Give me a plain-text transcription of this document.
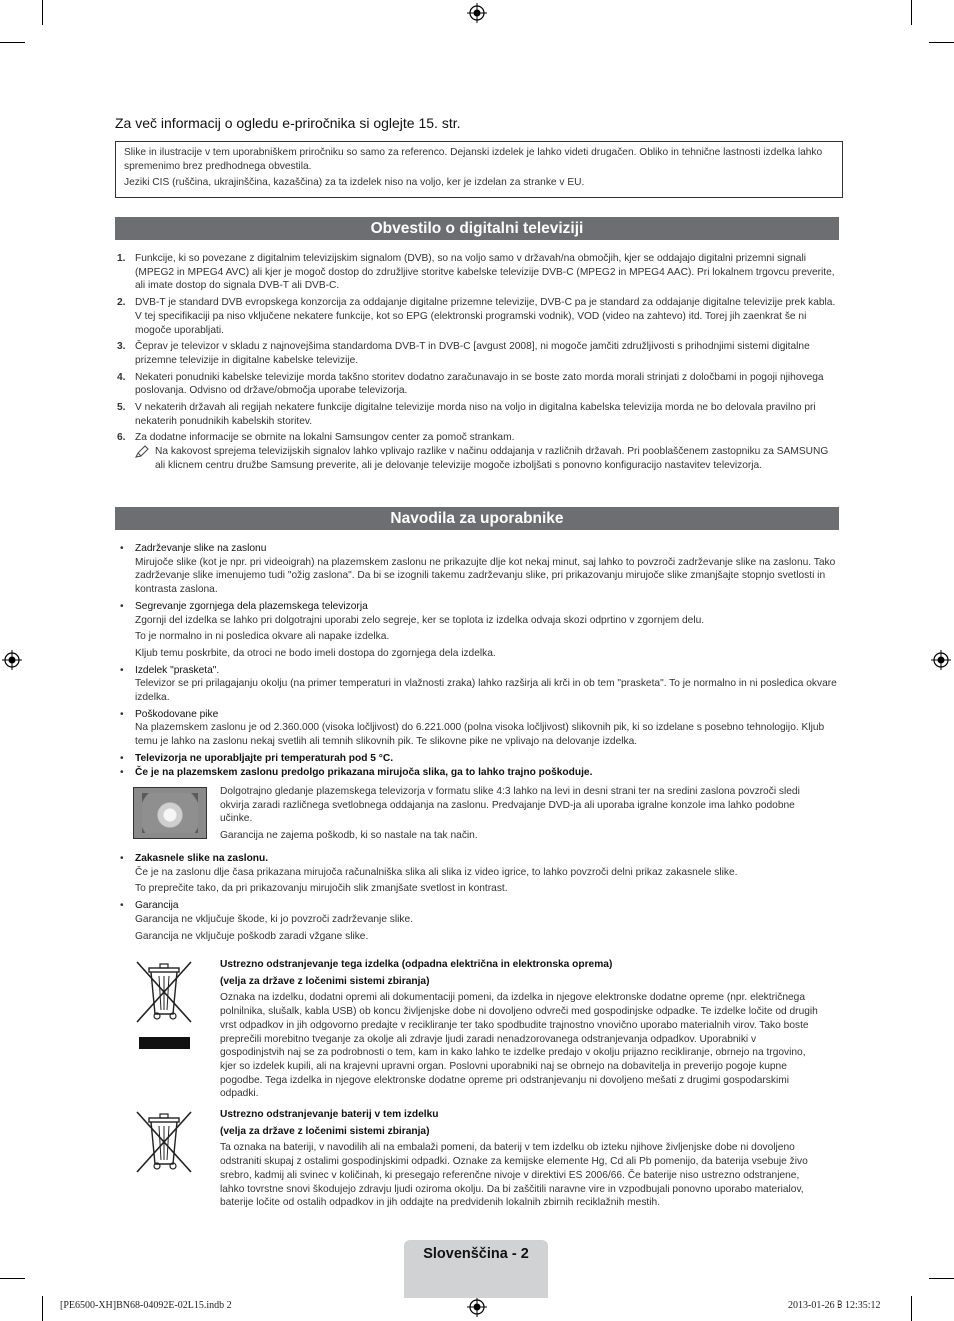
Za več informacij o ogledu e-priročnika si oglejte 15. str.

Slike in ilustracije v tem uporabniškem priročniku so samo za referenco. Dejanski izdelek je lahko videti drugačen. Obliko in tehnične lastnosti izdelka lahko spremenimo brez predhodnega obvestila.

Jeziki CIS (ruščina, ukrajinščina, kazaščina) za ta izdelek niso na voljo, ker je izdelan za stranke v EU.

Obvestilo o digitalni televiziji
1. Funkcije, ki so povezane z digitalnim televizijskim signalom (DVB), so na voljo samo v državah/na območjih, kjer se oddajajo digitalni prizemni signali (MPEG2 in MPEG4 AVC) ali kjer je mogoč dostop do združljive storitve kabelske televizije DVB-C (MPEG2 in MPEG4 AAC). Pri lokalnem trgovcu preverite, ali imate dostop do signala DVB-T ali DVB-C.
2. DVB-T je standard DVB evropskega konzorcija za oddajanje digitalne prizemne televizije, DVB-C pa je standard za oddajanje digitalne televizije prek kabla. V tej specifikaciji pa niso vključene nekatere funkcije, kot so EPG (elektronski programski vodnik), VOD (video na zahtevo) itd. Torej jih zaenkrat še ni mogoče uporabljati.
3. Čeprav je televizor v skladu z najnovejšima standardoma DVB-T in DVB-C [avgust 2008], ni mogoče jamčiti združljivosti s prihodnjimi sistemi digitalne prizemne televizije in digitalne kabelske televizije.
4. Nekateri ponudniki kabelske televizije morda takšno storitev dodatno zaračunavajo in se boste zato morda morali strinjati z določbami in pogoji njihovega poslovanja. Odvisno od države/območja uporabe televizorja.
5. V nekaterih državah ali regijah nekatere funkcije digitalne televizije morda niso na voljo in digitalna kabelska televizija morda ne bo delovala pravilno pri nekaterih ponudnikih kabelskih storitev.
6. Za dodatne informacije se obrnite na lokalni Samsungov center za pomoč strankam.
Na kakovost sprejema televizijskih signalov lahko vplivajo razlike v načinu oddajanja v različnih državah. Pri pooblaščenem zastopniku za SAMSUNG ali klicnem centru družbe Samsung preverite, ali je delovanje televizije mogoče izboljšati s ponovno konfiguracijo nastavitev televizorja.
Navodila za uporabnike
• Zadrževanje slike na zaslonu

Mirujoče slike (kot je npr. pri videoigrah) na plazemskem zaslonu ne prikazujte dlje kot nekaj minut, saj lahko to povzroči zadrževanje slike na zaslonu. Tako zadrževanje slike imenujemo tudi "ožig zaslona". Da bi se izognili takemu zadrževanju slike, pri prikazovanju mirujoče slike zmanjšajte stopnjo svetlosti in kontrasta zaslona.

• Segrevanje zgornjega dela plazemskega televizorja

Zgornji del izdelka se lahko pri dolgotrajni uporabi zelo segreje, ker se toplota iz izdelka odvaja skozi odprtino v zgornjem delu.

To je normalno in ni posledica okvare ali napake izdelka.

Kljub temu poskrbite, da otroci ne bodo imeli dostopa do zgornjega dela izdelka.

• Izdelek "prasketa".

Televizor se pri prilagajanju okolju (na primer temperaturi in vlažnosti zraka) lahko razširja ali krči in ob tem "prasketa". To je normalno in ni posledica okvare izdelka.

• Poškodovane pike

Na plazemskem zaslonu je od 2.360.000 (visoka ločljivost) do 6.221.000 (polna visoka ločljivost) slikovnih pik, ki so izdelane s posebno tehnologijo. Kljub temu je lahko na zaslonu nekaj svetlih ali temnih slikovnih pik. Te slikovne pike ne vplivajo na delovanje izdelka.

• Televizorja ne uporabljajte pri temperaturah pod 5 °C.
• Če je na plazemskem zaslonu predolgo prikazana mirujoča slika, ga to lahko trajno poškoduje.

Dolgotrajno gledanje plazemskega televizorja v formatu slike 4:3 lahko na levi in desni strani ter na sredini zaslona povzroči sledi okvirja zaradi različnega svetlobnega oddajanja na zaslonu. Predvajanje DVD-ja ali uporaba igralne konzole ima lahko podobne učinke.

Garancija ne zajema poškodb, ki so nastale na tak način.

• Zakasnele slike na zaslonu.

Če je na zaslonu dlje časa prikazana mirujoča računalniška slika ali slika iz video igrice, to lahko povzroči delni prikaz zakasnele slike.

To preprečite tako, da pri prikazovanju mirujočih slik zmanjšate svetlost in kontrast.

• Garancija

Garancija ne vključuje škode, ki jo povzroči zadrževanje slike.

Garancija ne vključuje poškodb zaradi vžgane slike.

Ustrezno odstranjevanje tega izdelka (odpadna električna in elektronska oprema)

(velja za države z ločenimi sistemi zbiranja)

Oznaka na izdelku, dodatni opremi ali dokumentaciji pomeni, da izdelka in njegove elektronske dodatne opreme (npr. električnega polnilnika, slušalk, kabla USB) ob koncu življenjske dobe ni dovoljeno odvreči med gospodinjske odpadke. Te izdelke ločite od drugih vrst odpadkov in jih odgovorno predajte v recikliranje ter tako spodbudite trajnostno vnovično uporabo materialnih virov. Tako boste preprečili morebitno tveganje za okolje ali zdravje ljudi zaradi nenadzorovanega odstranjevanja odpadkov. Uporabniki v gospodinjstvih naj se za podrobnosti o tem, kam in kako lahko te izdelke predajo v okolju prijazno recikliranje, obrnejo na trgovino, kjer so izdelek kupili, ali na krajevni upravni organ. Poslovni uporabniki naj se obrnejo na dobavitelja in preverijo pogoje kupne pogodbe. Tega izdelka in njegove elektronske dodatne opreme pri odstranjevanju ni dovoljeno mešati z drugimi gospodarskimi odpadki.

Ustrezno odstranjevanje baterij v tem izdelku

(velja za države z ločenimi sistemi zbiranja)

Ta oznaka na bateriji, v navodilih ali na embalaži pomeni, da baterij v tem izdelku ob izteku njihove življenjske dobe ni dovoljeno odstraniti skupaj z ostalimi gospodinjskimi odpadki. Oznake za kemijske elemente Hg, Cd ali Pb pomenijo, da baterija vsebuje živo srebro, kadmij ali svinec v količinah, ki presegajo referenčne nivoje v direktivi ES 2006/66. Če baterije niso ustrezno odstranjene, lahko tovrstne snovi škodujejo zdravju ljudi oziroma okolju. Da bi zaščitili naravne vire in vzpodbujali ponovno uporabo materialov, baterije ločite od ostalih odpadkov in jih oddajte na predvidenih lokalnih zbirnih reciklažnih mestih.

Slovenščina - 2
[PE6500-XH]BN68-04092E-02L15.indb 2	2013-01-26 ꕗ 12:35:12
